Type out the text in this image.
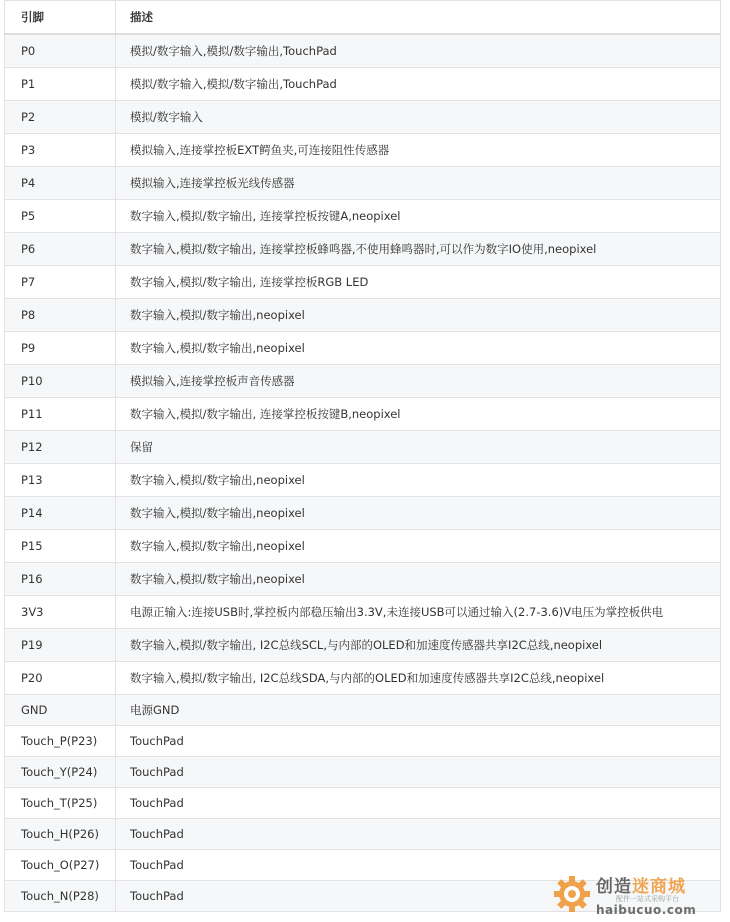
引脚	描述
P0	模拟/数字输入,模拟/数字输出,TouchPad
P1	模拟/数字输入,模拟/数字输出,TouchPad
P2	模拟/数字输入
P3	模拟输入,连接掌控板EXT鳄鱼夹,可连接阻性传感器
P4	模拟输入,连接掌控板光线传感器
P5	数字输入,模拟/数字输出, 连接掌控板按键A,neopixel
P6	数字输入,模拟/数字输出, 连接掌控板蜂鸣器,不使用蜂鸣器时,可以作为数字IO使用,neopixel
P7	数字输入,模拟/数字输出, 连接掌控板RGB LED
P8	数字输入,模拟/数字输出,neopixel
P9	数字输入,模拟/数字输出,neopixel
P10	模拟输入,连接掌控板声音传感器
P11	数字输入,模拟/数字输出, 连接掌控板按键B,neopixel
P12	保留
P13	数字输入,模拟/数字输出,neopixel
P14	数字输入,模拟/数字输出,neopixel
P15	数字输入,模拟/数字输出,neopixel
P16	数字输入,模拟/数字输出,neopixel
3V3	电源正输入:连接USB时,掌控板内部稳压输出3.3V,未连接USB可以通过输入(2.7-3.6)V电压为掌控板供电
P19	数字输入,模拟/数字输出, I2C总线SCL,与内部的OLED和加速度传感器共享I2C总线,neopixel
P20	数字输入,模拟/数字输出, I2C总线SDA,与内部的OLED和加速度传感器共享I2C总线,neopixel
GND	电源GND
Touch_P(P23)	TouchPad
Touch_Y(P24)	TouchPad
Touch_T(P25)	TouchPad
Touch_H(P26)	TouchPad
Touch_O(P27)	TouchPad
Touch_N(P28)	TouchPad	创造迷商城
配件一站式采购平台
haibucuo.com
